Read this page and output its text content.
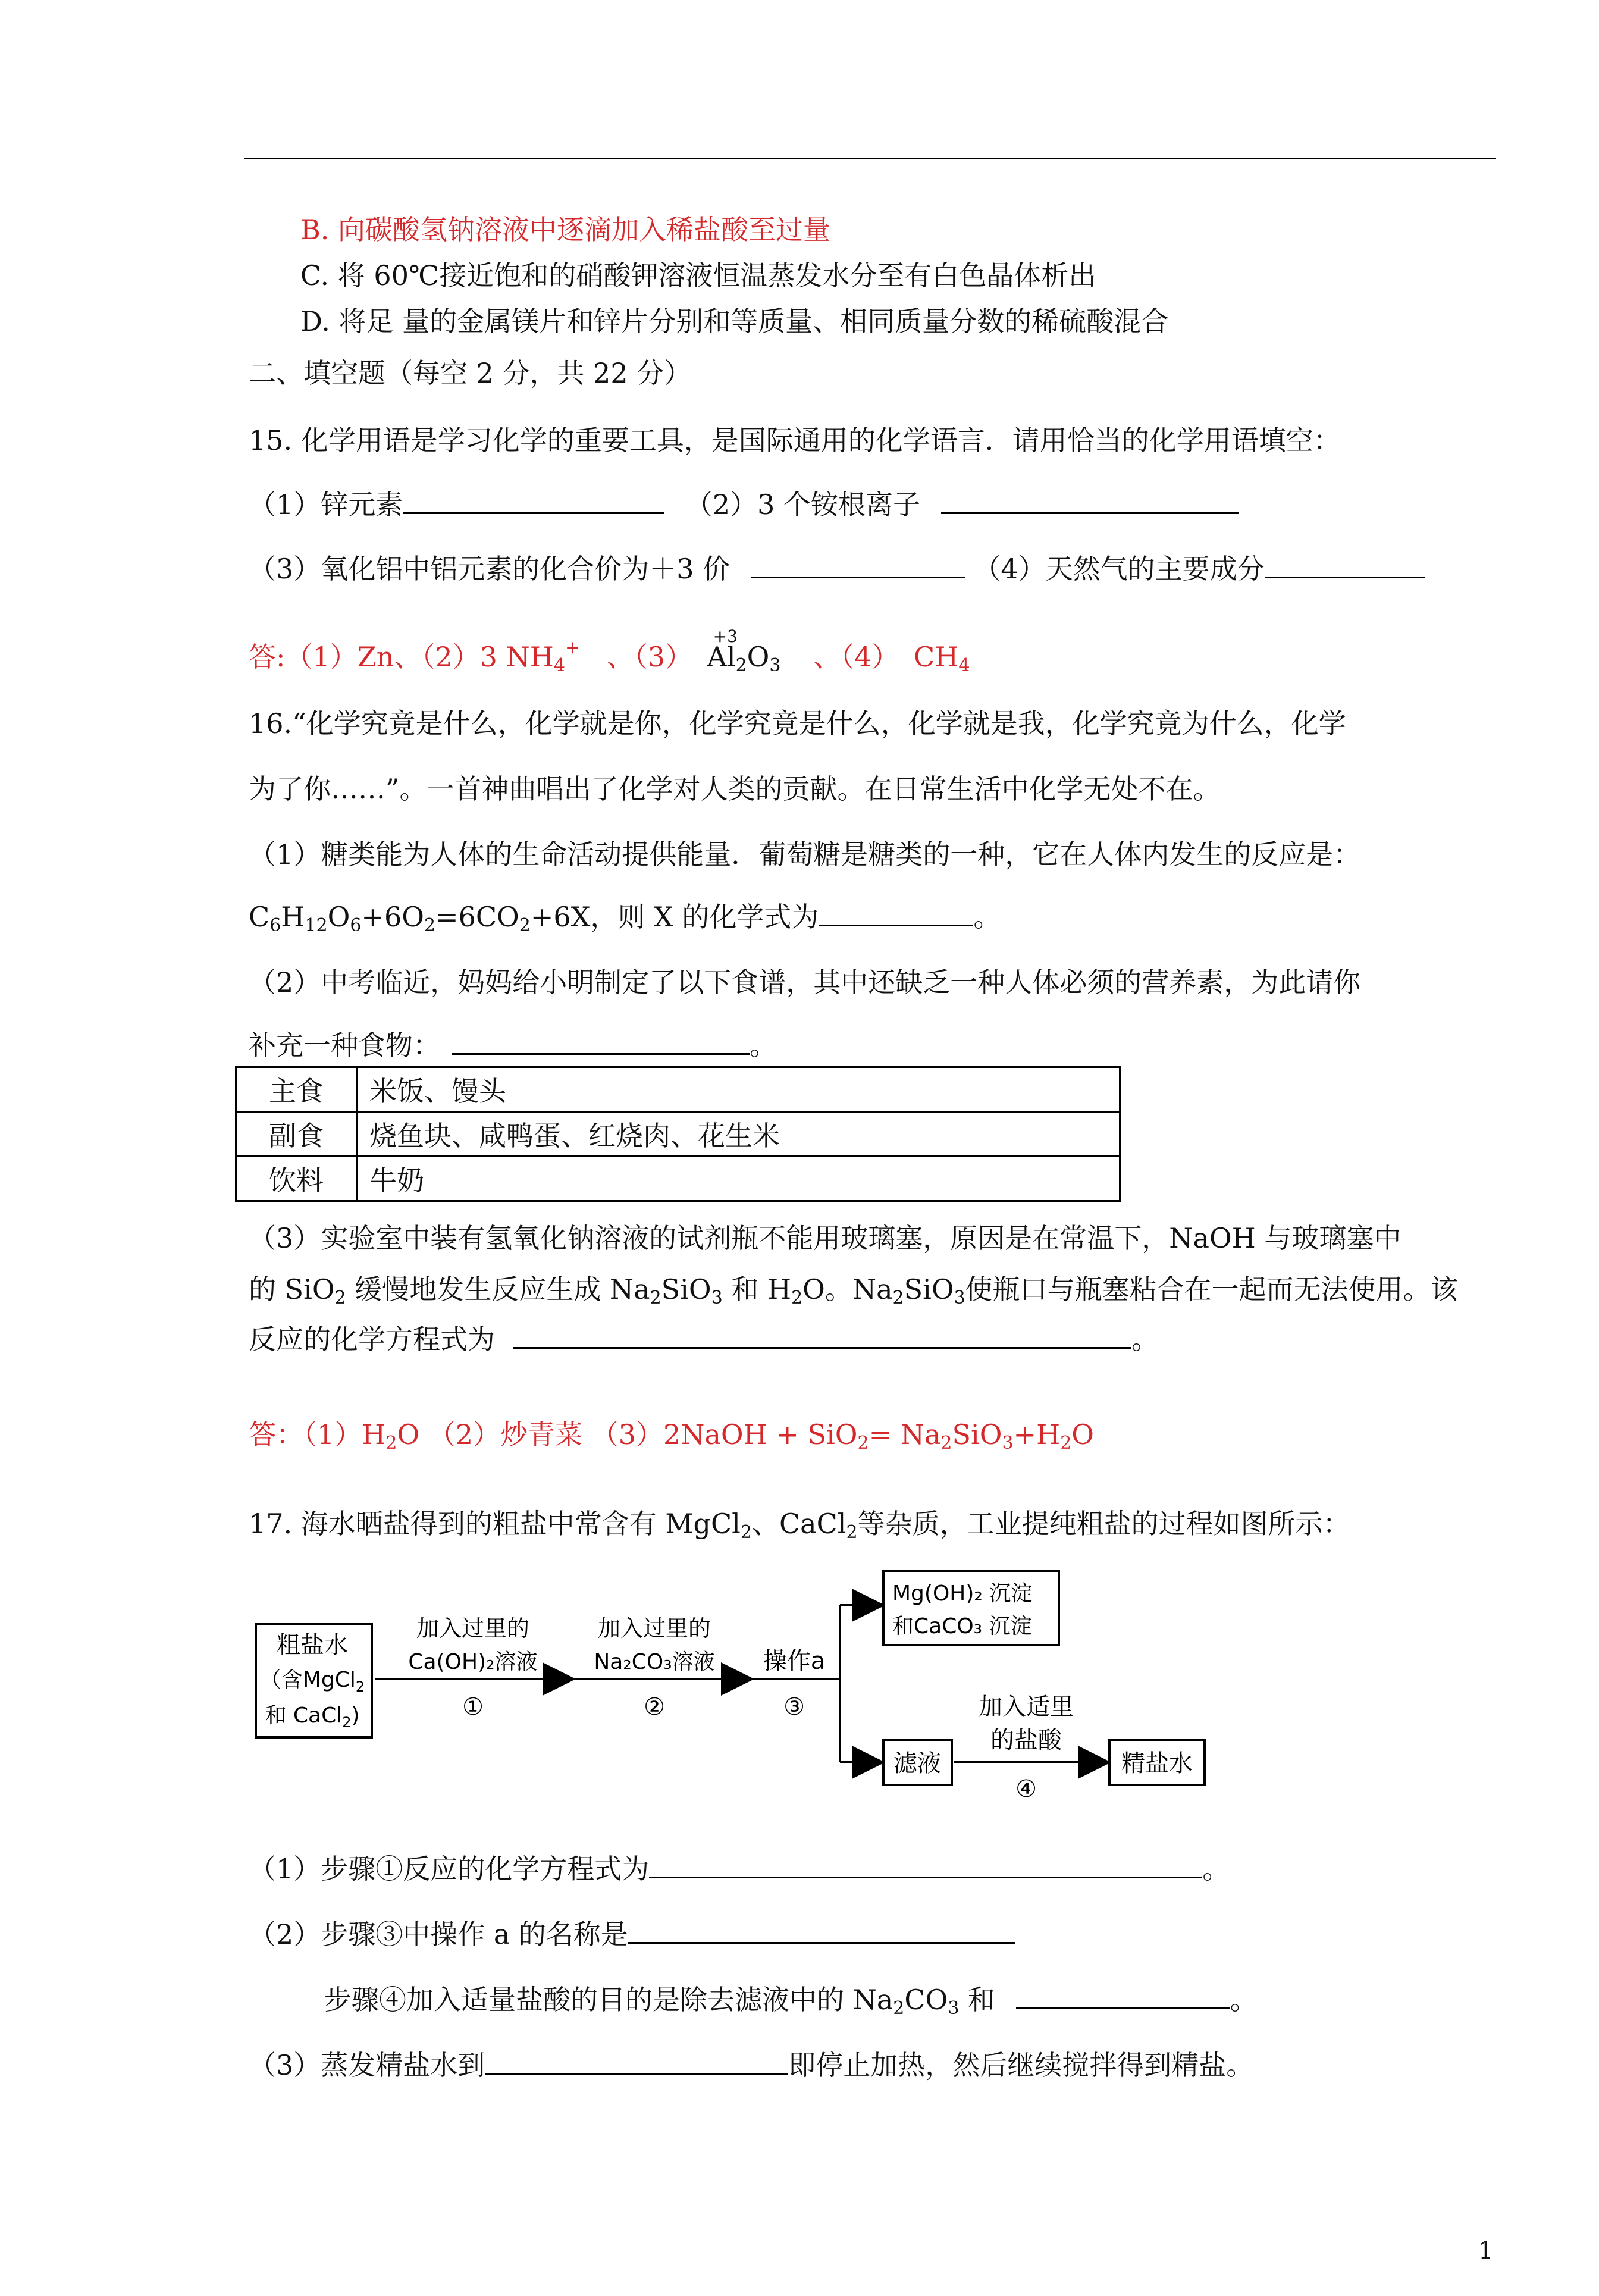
B. 向碳酸氢钠溶液中逐滴加入稀盐酸至过量
C. 将 60℃接近饱和的硝酸钾溶液恒温蒸发水分至有白色晶体析出
D. 将足 量的金属镁片和锌片分别和等质量、相同质量分数的稀硫酸混合
二、填空题（每空 2 分，共 22 分）
15. 化学用语是学习化学的重要工具，是国际通用的化学语言．请用恰当的化学用语填空：
（1）锌元素	（2）3 个铵根离子
（3）氧化铝中铝元素的化合价为＋3 价	（4）天然气的主要成分
答:（1）Zn、（2）3 $NH_4^+$ 、（3）
+3
$Al_2O_3$ 、（4） $CH_4$
16.“化学究竟是什么，化学就是你，化学究竟是什么，化学就是我，化学究竟为什么，化学
为了你……”。一首神曲唱出了化学对人类的贡献。在日常生活中化学无处不在。
（1）糖类能为人体的生命活动提供能量．葡萄糖是糖类的一种，它在人体内发生的反应是：
$C_6H_{12}O_6+6O_2=6CO_2+6X$，则 X 的化学式为	。
（2）中考临近，妈妈给小明制定了以下食谱，其中还缺乏一种人体必须的营养素，为此请你
补充一种食物：	。
主食	米饭、馒头
副食	烧鱼块、咸鸭蛋、红烧肉、花生米
饮料	牛奶
（3）实验室中装有氢氧化钠溶液的试剂瓶不能用玻璃塞，原因是在常温下，NaOH 与玻璃塞中
的 SiO$_2$ 缓慢地发生反应生成 $Na_2SiO_3$ 和 $H_2O$。$Na_2SiO_3$使瓶口与瓶塞粘合在一起而无法使用。该
反应的化学方程式为	。
答：$(1)H_2O$ （2）炒青菜 （3）2NaOH + $SiO_2= Na_2SiO_3+H_2O$
17. 海水晒盐得到的粗盐中常含有 MgCl$_2$、CaCl$_2$等杂质，工业提纯粗盐的过程如图所示：
粗盐水
（含MgCl$_2$
和 CaCl$_2$)
加入过里的
Ca(OH)₂溶液
①
加入过里的
Na₂CO₃溶液
②
操作a
③
Mg(OH)₂ 沉淀
和CaCO₃ 沉淀
滤液
加入适里
的盐酸
④
精盐水
（1）步骤①反应的化学方程式为	。
（2）步骤③中操作 a 的名称是
步骤④加入适量盐酸的目的是除去滤液中的 $Na_2CO_3$ 和	。
（3）蒸发精盐水到	即停止加热，然后继续搅拌得到精盐。
1
